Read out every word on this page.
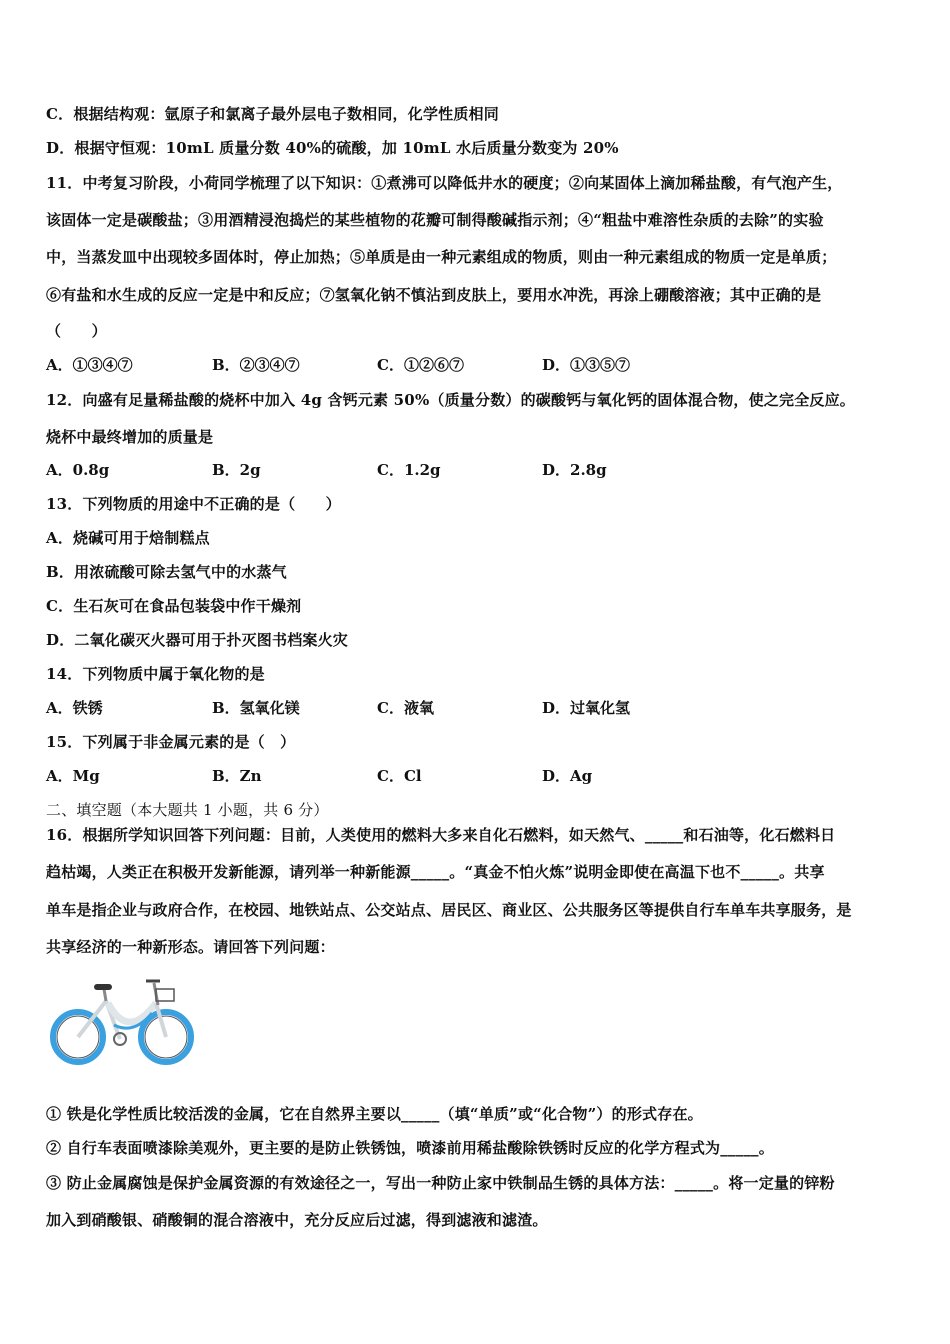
C．根据结构观：氩原子和氯离子最外层电子数相同，化学性质相同
D．根据守恒观：10mL 质量分数 40%的硫酸，加 10mL 水后质量分数变为 20%
11．中考复习阶段，小荷同学梳理了以下知识：①煮沸可以降低井水的硬度；②向某固体上滴加稀盐酸，有气泡产生，
该固体一定是碳酸盐；③用酒精浸泡捣烂的某些植物的花瓣可制得酸碱指示剂；④“粗盐中难溶性杂质的去除”的实验
中，当蒸发皿中出现较多固体时，停止加热；⑤单质是由一种元素组成的物质，则由一种元素组成的物质一定是单质；
⑥有盐和水生成的反应一定是中和反应；⑦氢氧化钠不慎沾到皮肤上，要用水冲洗，再涂上硼酸溶液；其中正确的是
（　　）
A．①③④⑦	B．②③④⑦	C．①②⑥⑦	D．①③⑤⑦
12．向盛有足量稀盐酸的烧杯中加入 4g 含钙元素 50%（质量分数）的碳酸钙与氧化钙的固体混合物，使之完全反应。
烧杯中最终增加的质量是
A．0.8g	B．2g	C．1.2g	D．2.8g
13．下列物质的用途中不正确的是（　　）
A．烧碱可用于焙制糕点
B．用浓硫酸可除去氢气中的水蒸气
C．生石灰可在食品包装袋中作干燥剂
D．二氧化碳灭火器可用于扑灭图书档案火灾
14．下列物质中属于氧化物的是
A．铁锈	B．氢氧化镁	C．液氧	D．过氧化氢
15．下列属于非金属元素的是（　）
A．Mg	B．Zn	C．Cl	D．Ag
二、填空题（本大题共 1 小题，共 6 分）
16．根据所学知识回答下列问题：目前，人类使用的燃料大多来自化石燃料，如天然气、_____和石油等，化石燃料日
趋枯竭，人类正在积极开发新能源，请列举一种新能源_____。“真金不怕火炼”说明金即使在高温下也不_____。共享
单车是指企业与政府合作，在校园、地铁站点、公交站点、居民区、商业区、公共服务区等提供自行车单车共享服务，是
共享经济的一种新形态。请回答下列问题：
① 铁是化学性质比较活泼的金属，它在自然界主要以_____（填“单质”或“化合物”）的形式存在。
② 自行车表面喷漆除美观外，更主要的是防止铁锈蚀，喷漆前用稀盐酸除铁锈时反应的化学方程式为_____。
③ 防止金属腐蚀是保护金属资源的有效途径之一，写出一种防止家中铁制品生锈的具体方法：_____。将一定量的锌粉
加入到硝酸银、硝酸铜的混合溶液中，充分反应后过滤，得到滤液和滤渣。
